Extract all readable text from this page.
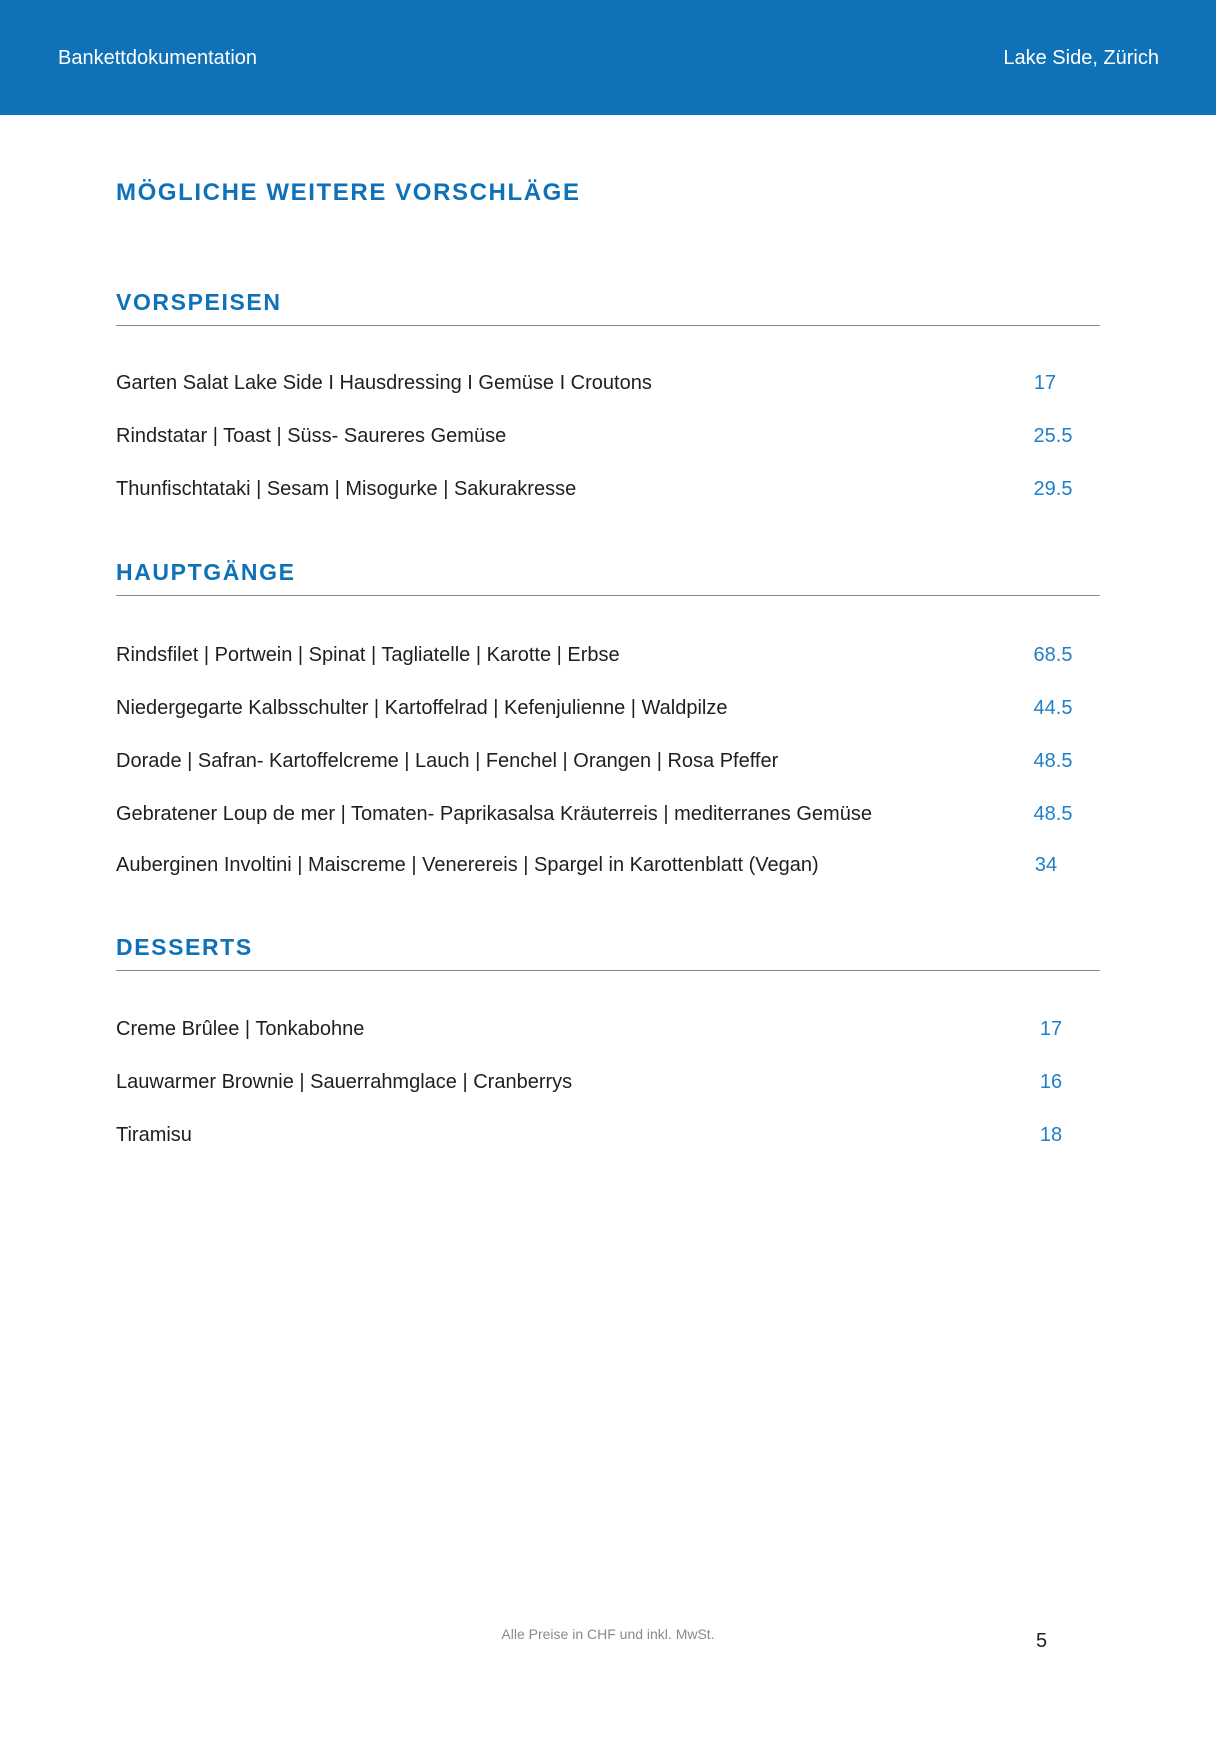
Bankettdokumentation	Lake Side, Zürich
MÖGLICHE WEITERE VORSCHLÄGE
VORSPEISEN
Garten Salat Lake Side I Hausdressing I Gemüse I Croutons	17
Rindstatar | Toast | Süss- Saureres Gemüse	25.5
Thunfischtataki | Sesam | Misogurke | Sakurakresse	29.5
HAUPTGÄNGE
Rindsfilet | Portwein | Spinat | Tagliatelle | Karotte | Erbse	68.5
Niedergegarte Kalbsschulter | Kartoffelrad | Kefenjulienne | Waldpilze	44.5
Dorade | Safran- Kartoffelcreme | Lauch | Fenchel | Orangen | Rosa Pfeffer	48.5
Gebratener Loup de mer | Tomaten- Paprikasalsa Kräuterreis | mediterranes Gemüse	48.5
Auberginen Involtini | Maiscreme | Venerereis | Spargel in Karottenblatt (Vegan)	34
DESSERTS
Creme Brûlee | Tonkabohne	17
Lauwarmer Brownie | Sauerrahmglace | Cranberrys	16
Tiramisu	18
Alle Preise in CHF und inkl. MwSt.	5
